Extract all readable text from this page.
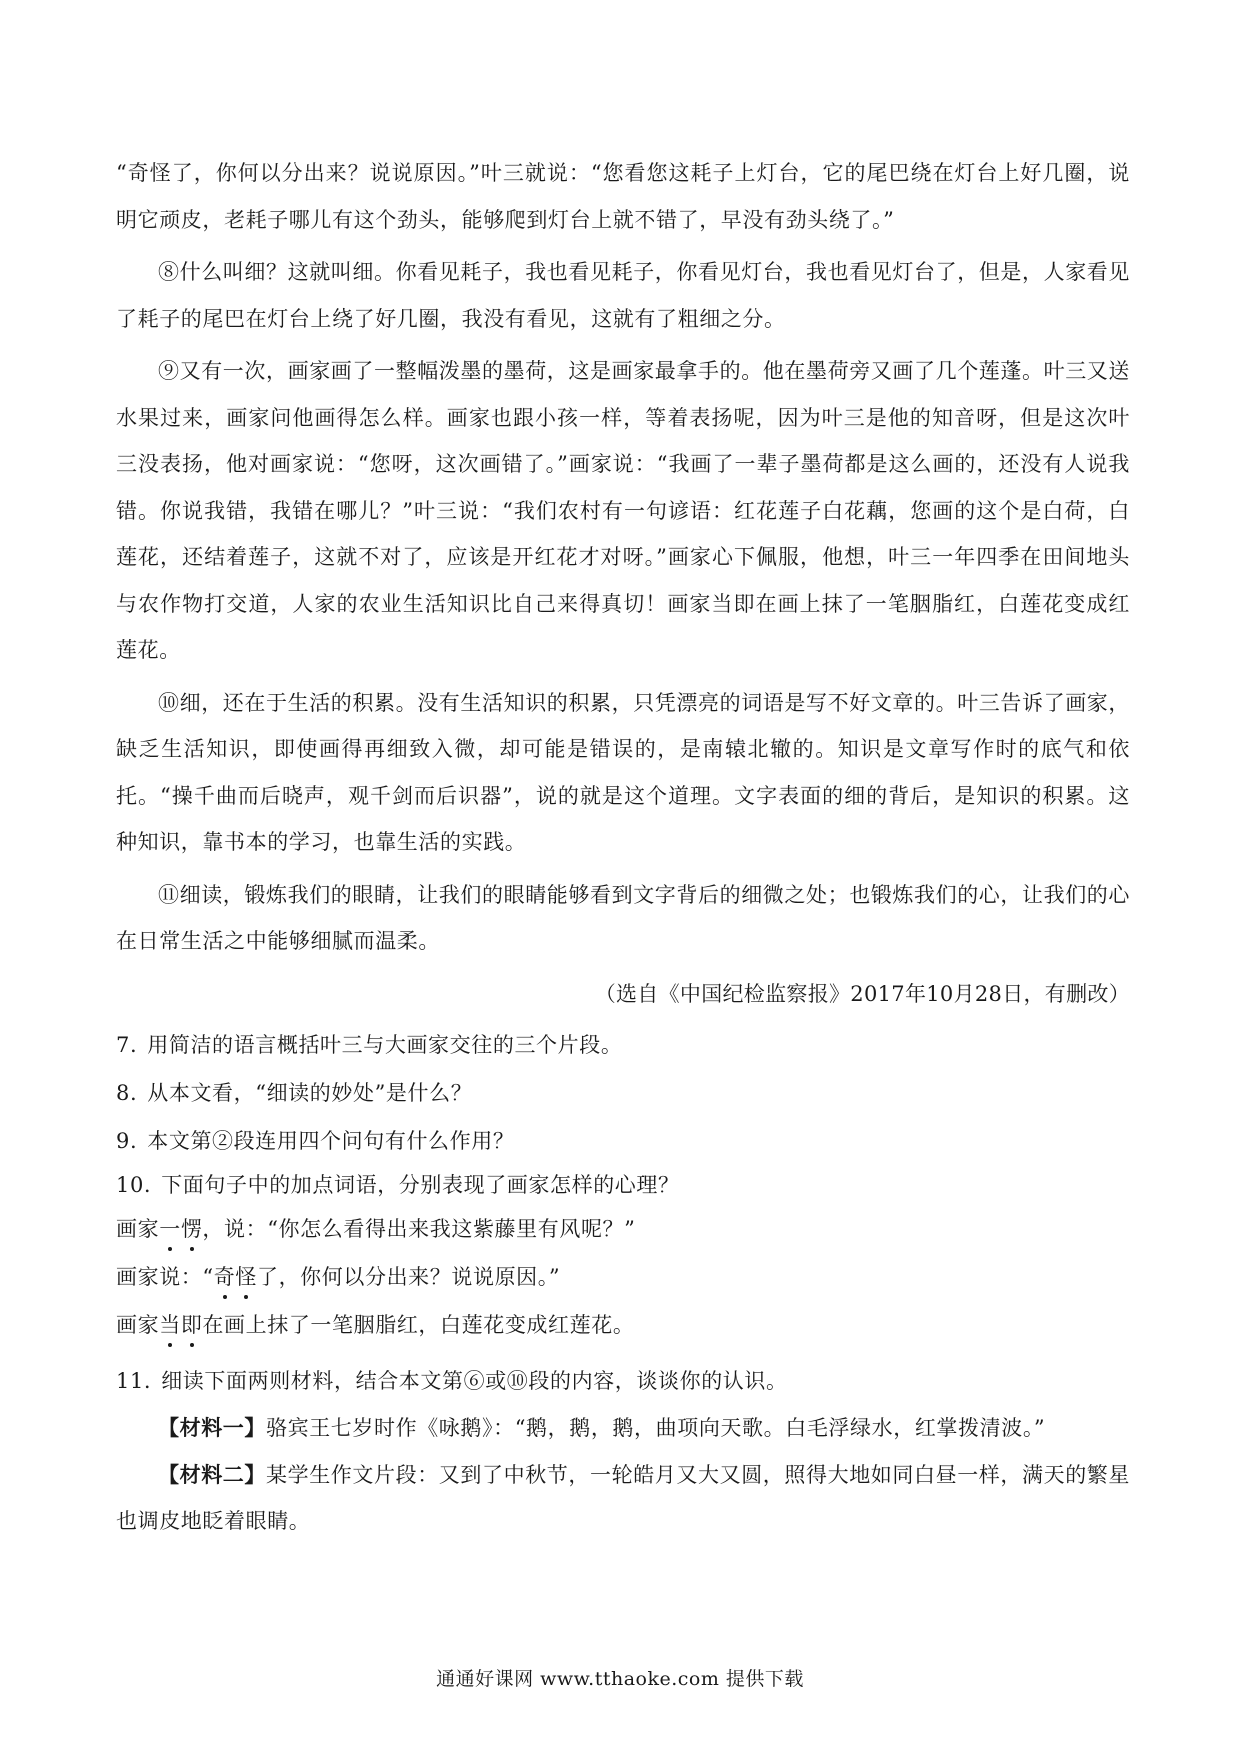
“奇怪了，你何以分出来？说说原因。”叶三就说：“您看您这耗子上灯台，它的尾巴绕在灯台上好几圈，说明它顽皮，老耗子哪儿有这个劲头，能够爬到灯台上就不错了，早没有劲头绕了。”

⑧什么叫细？这就叫细。你看见耗子，我也看见耗子，你看见灯台，我也看见灯台了，但是，人家看见了耗子的尾巴在灯台上绕了好几圈，我没有看见，这就有了粗细之分。

⑨又有一次，画家画了一整幅泼墨的墨荷，这是画家最拿手的。他在墨荷旁又画了几个莲蓬。叶三又送水果过来，画家问他画得怎么样。画家也跟小孩一样，等着表扬呢，因为叶三是他的知音呀，但是这次叶三没表扬，他对画家说：“您呀，这次画错了。”画家说：“我画了一辈子墨荷都是这么画的，还没有人说我错。你说我错，我错在哪儿？”叶三说：“我们农村有一句谚语：红花莲子白花藕，您画的这个是白荷，白莲花，还结着莲子，这就不对了，应该是开红花才对呀。”画家心下佩服，他想，叶三一年四季在田间地头与农作物打交道，人家的农业生活知识比自己来得真切！画家当即在画上抹了一笔胭脂红，白莲花变成红莲花。

⑩细，还在于生活的积累。没有生活知识的积累，只凭漂亮的词语是写不好文章的。叶三告诉了画家，缺乏生活知识，即使画得再细致入微，却可能是错误的，是南辕北辙的。知识是文章写作时的底气和依托。“操千曲而后晓声，观千剑而后识器”，说的就是这个道理。文字表面的细的背后，是知识的积累。这种知识，靠书本的学习，也靠生活的实践。

⑪细读，锻炼我们的眼睛，让我们的眼睛能够看到文字背后的细微之处；也锻炼我们的心，让我们的心在日常生活之中能够细腻而温柔。

（选自《中国纪检监察报》2017年10月28日，有删改）

7. 用简洁的语言概括叶三与大画家交往的三个片段。

8. 从本文看，“细读的妙处”是什么？

9. 本文第②段连用四个问句有什么作用？

10. 下面句子中的加点词语，分别表现了画家怎样的心理？

画家一愣，说：“你怎么看得出来我这紫藤里有风呢？”

画家说：“奇怪了，你何以分出来？说说原因。”

画家当即在画上抹了一笔胭脂红，白莲花变成红莲花。

11. 细读下面两则材料，结合本文第⑥或⑩段的内容，谈谈你的认识。

【材料一】骆宾王七岁时作《咏鹅》：“鹅，鹅，鹅，曲项向天歌。白毛浮绿水，红掌拨清波。”

【材料二】某学生作文片段：又到了中秋节，一轮皓月又大又圆，照得大地如同白昼一样，满天的繁星也调皮地眨着眼睛。

通通好课网 www.tthaoke.com 提供下载
